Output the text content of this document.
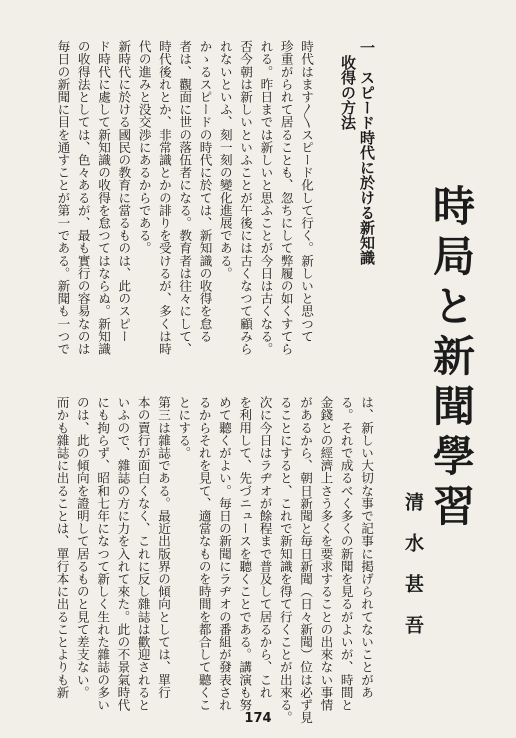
時局と新聞學習
清水甚吾
一　スピード時代に於ける新知識
　收得の方法
時代はます〳〵スピード化して行く。新しいと思つて
珍重がられて居ることも、忽ちにして弊履の如くすてら
れる。昨日までは新しいと思ふことが今日は古くなる。
否今朝は新しいといふことが午後には古くなつて顧みら
れないといふ、刻一刻の變化進展である。
かゝるスピードの時代に於ては、新知識の收得を怠る
者は、觀面に世の落伍者になる。教育者は往々にして、
時代後れとか、非常識とかの誹りを受けるが、多くは時
代の進みと没交渉にあるからである。
新時代に於ける國民の教育に當るものは、此のスピー
ド時代に處して新知識の收得を怠つてはならぬ。新知識
の收得法としては、色々あるが、最も實行の容易なのは
毎日の新聞に目を通すことが第一である。新聞も一つで
は、新しい大切な事で記事に掲げられてないことがあ
る。それで成るべく多くの新聞を見るがよいが、時間と
金錢との經濟上さう多くを要求することの出來ない事情
があるから、朝日新聞と毎日新聞（日々新聞）位は必ず見
ることにすると、これで新知識を得て行くことが出來る。
次に今日はラヂオが餘程まで普及して居るから、これ
を利用して、先づニュースを聽くことである。講演も努
めて聽くがよい。毎日の新聞にラヂオの番組が發表され
るからそれを見て、適當なものを時間を都合して聽くこ
とにする。
第三は雜誌である。最近出版界の傾向としては、單行
本の賣行が面白くなく、これに反し雜誌は歡迎されると
いふので、雜誌の方に力を入れて來た。此の不景氣時代
にも拘らず、昭和七年になつて新しく生れた雜誌の多い
のは、此の傾向を證明して居るものと見て差支ない。
而かも雜誌に出ることは、單行本に出ることよりも新
174
